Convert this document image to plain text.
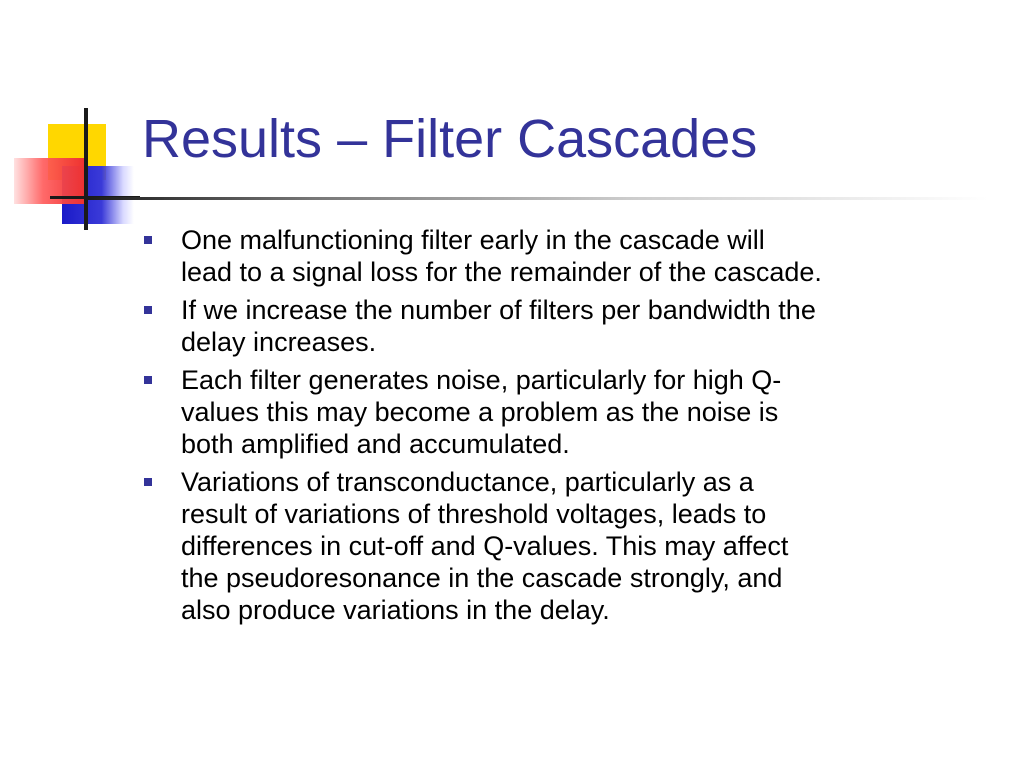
Results – Filter Cascades
One malfunctioning filter early in the cascade will
lead to a signal loss for the remainder of the cascade.
If we increase the number of filters per bandwidth the
delay increases.
Each filter generates noise, particularly for high Q-
values this may become a problem as the noise is
both amplified and accumulated.
Variations of transconductance, particularly as a
result of variations of threshold voltages, leads to
differences in cut-off and Q-values. This may affect
the pseudoresonance in the cascade strongly, and
also produce variations in the delay.
